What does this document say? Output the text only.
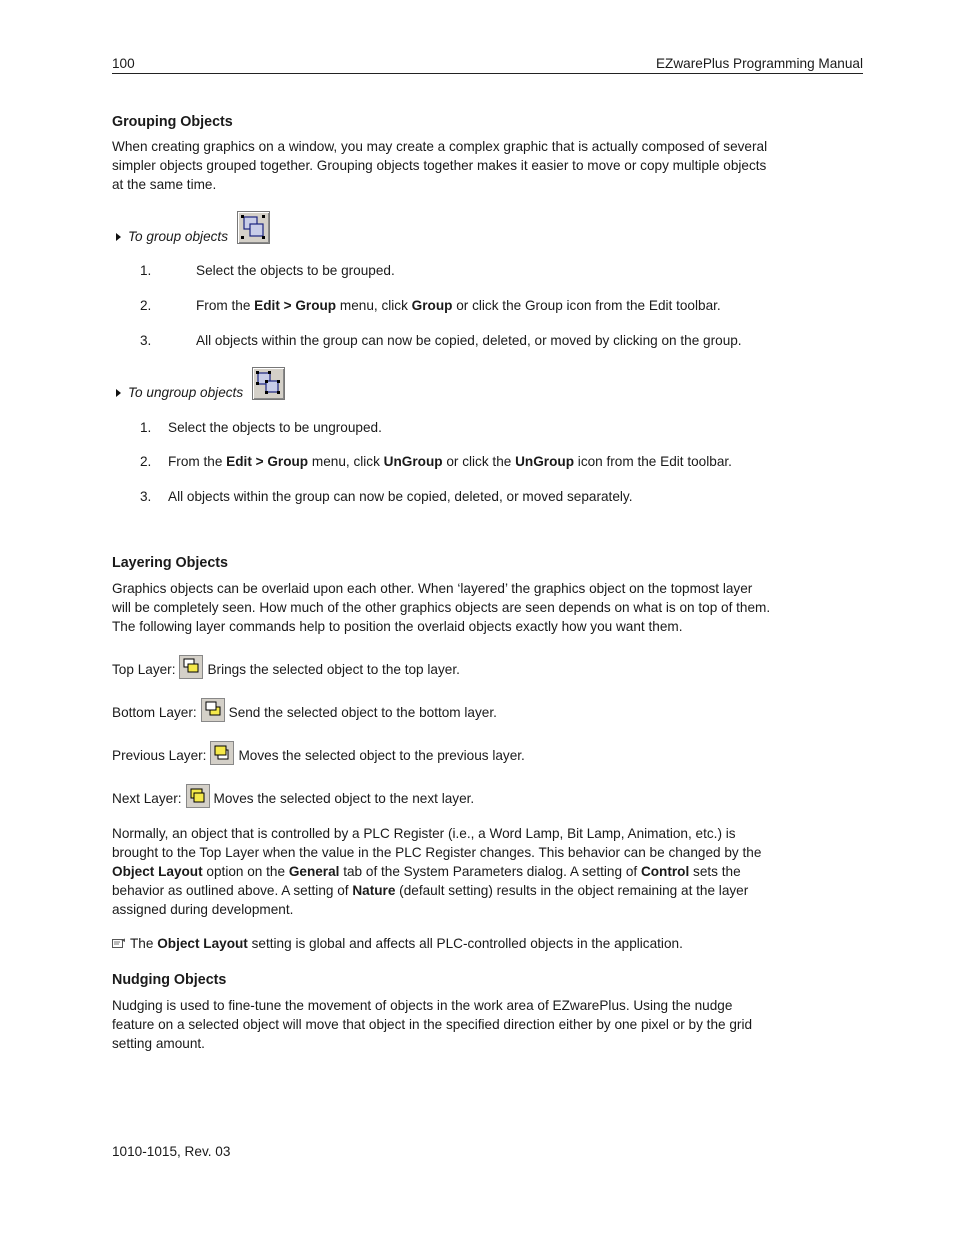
100	EZwarePlus Programming Manual
Grouping Objects
When creating graphics on a window, you may create a complex graphic that is actually composed of several
simpler objects grouped together. Grouping objects together makes it easier to move or copy multiple objects
at the same time.
To group objects
1.	Select the objects to be grouped.
2.	From the Edit > Group menu, click Group or click the Group icon from the Edit toolbar.
3.	All objects within the group can now be copied, deleted, or moved by clicking on the group.
To ungroup objects
1. Select the objects to be ungrouped.
2. From the Edit > Group menu, click UnGroup or click the UnGroup icon from the Edit toolbar.
3. All objects within the group can now be copied, deleted, or moved separately.
Layering Objects
Graphics objects can be overlaid upon each other. When ‘layered’ the graphics object on the topmost layer
will be completely seen. How much of the other graphics objects are seen depends on what is on top of them.
The following layer commands help to position the overlaid objects exactly how you want them.
Top Layer: Brings the selected object to the top layer.
Bottom Layer: Send the selected object to the bottom layer.
Previous Layer: Moves the selected object to the previous layer.
Next Layer: Moves the selected object to the next layer.
Normally, an object that is controlled by a PLC Register (i.e., a Word Lamp, Bit Lamp, Animation, etc.) is
brought to the Top Layer when the value in the PLC Register changes. This behavior can be changed by the
Object Layout option on the General tab of the System Parameters dialog. A setting of Control sets the
behavior as outlined above. A setting of Nature (default setting) results in the object remaining at the layer
assigned during development.
The Object Layout setting is global and affects all PLC-controlled objects in the application.
Nudging Objects
Nudging is used to fine-tune the movement of objects in the work area of EZwarePlus. Using the nudge
feature on a selected object will move that object in the specified direction either by one pixel or by the grid
setting amount.
1010-1015, Rev. 03
